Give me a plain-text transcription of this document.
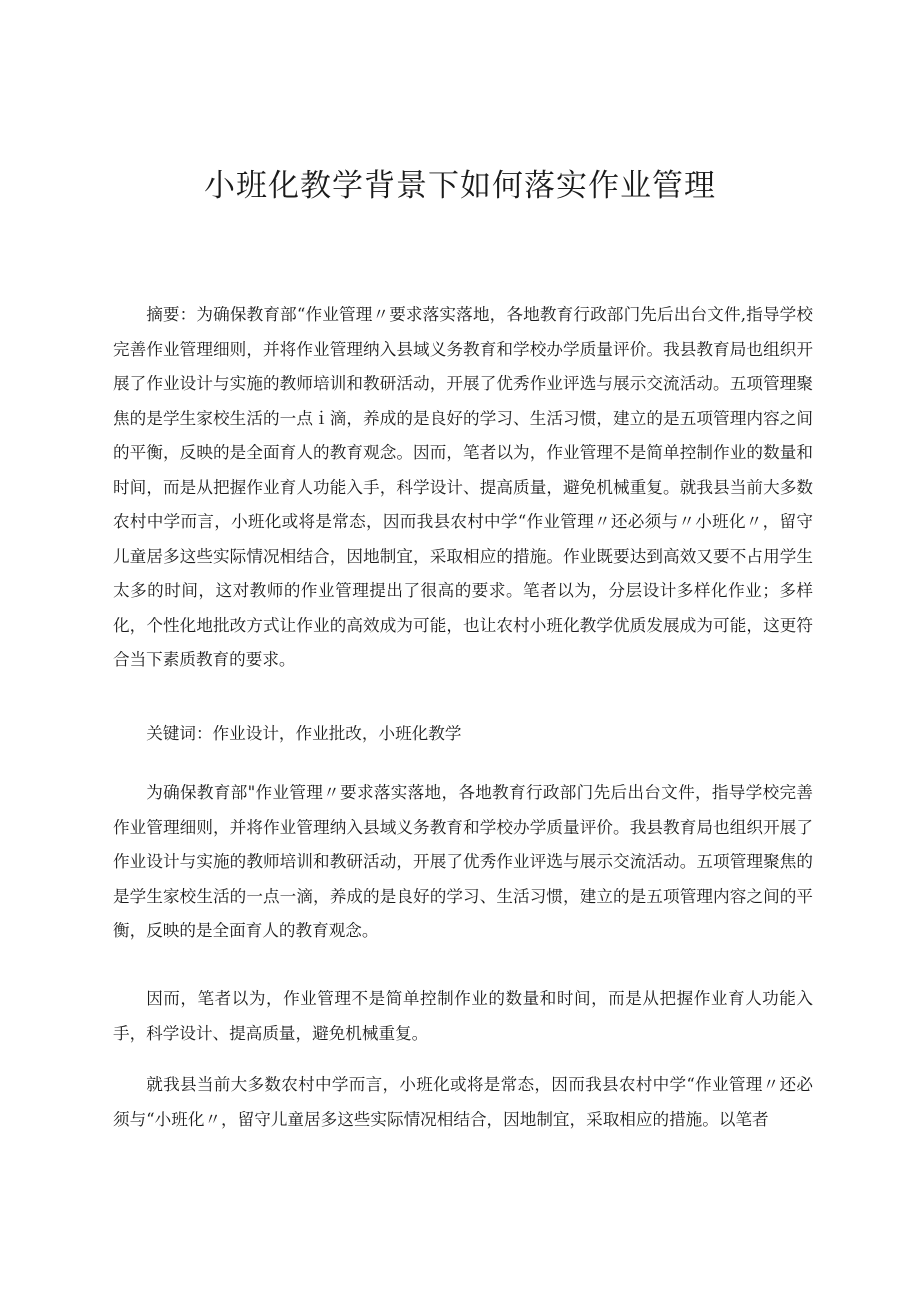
小班化教学背景下如何落实作业管理

摘要：为确保教育部“作业管理〃要求落实落地，各地教育行政部门先后出台文件,指导学校完善作业管理细则，并将作业管理纳入县域义务教育和学校办学质量评价。我县教育局也组织开展了作业设计与实施的教师培训和教研活动，开展了优秀作业评选与展示交流活动。五项管理聚焦的是学生家校生活的一点ｉ滴，养成的是良好的学习、生活习惯，建立的是五项管理内容之间的平衡，反映的是全面育人的教育观念。因而，笔者以为，作业管理不是简单控制作业的数量和时间，而是从把握作业育人功能入手，科学设计、提高质量，避免机械重复。就我县当前大多数农村中学而言，小班化或将是常态，因而我县农村中学“作业管理〃还必须与〃小班化〃，留守儿童居多这些实际情况相结合，因地制宜，采取相应的措施。作业既要达到高效又要不占用学生太多的时间，这对教师的作业管理提出了很高的要求。笔者以为，分层设计多样化作业；多样化，个性化地批改方式让作业的高效成为可能，也让农村小班化教学优质发展成为可能，这更符合当下素质教育的要求。

关键词：作业设计，作业批改，小班化教学

为确保教育部"作业管理〃要求落实落地，各地教育行政部门先后出台文件，指导学校完善作业管理细则，并将作业管理纳入县域义务教育和学校办学质量评价。我县教育局也组织开展了作业设计与实施的教师培训和教研活动，开展了优秀作业评选与展示交流活动。五项管理聚焦的是学生家校生活的一点一滴，养成的是良好的学习、生活习惯，建立的是五项管理内容之间的平衡，反映的是全面育人的教育观念。

因而，笔者以为，作业管理不是简单控制作业的数量和时间，而是从把握作业育人功能入手，科学设计、提高质量，避免机械重复。

就我县当前大多数农村中学而言，小班化或将是常态，因而我县农村中学“作业管理〃还必须与“小班化〃，留守儿童居多这些实际情况相结合，因地制宜，采取相应的措施。以笔者
